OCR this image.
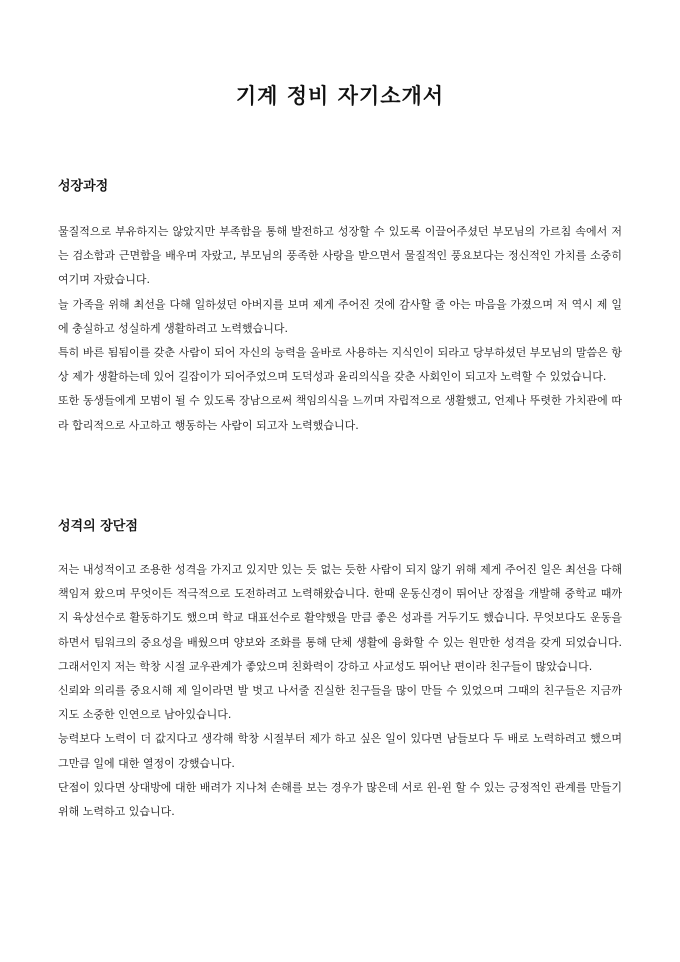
기계 정비 자기소개서
성장과정

물질적으로 부유하지는 않았지만 부족함을 통해 발전하고 성장할 수 있도록 이끌어주셨던 부모님의 가르침 속에서 저는 검소함과 근면함을 배우며 자랐고, 부모님의 풍족한 사랑을 받으면서 물질적인 풍요보다는 정신적인 가치를 소중히 여기며 자랐습니다.

늘 가족을 위해 최선을 다해 일하셨던 아버지를 보며 제게 주어진 것에 감사할 줄 아는 마음을 가졌으며 저 역시 제 일에 충실하고 성실하게 생활하려고 노력했습니다.

특히 바른 됨됨이를 갖춘 사람이 되어 자신의 능력을 올바로 사용하는 지식인이 되라고 당부하셨던 부모님의 말씀은 항상 제가 생활하는데 있어 길잡이가 되어주었으며 도덕성과 윤리의식을 갖춘 사회인이 되고자 노력할 수 있었습니다.

또한 동생들에게 모범이 될 수 있도록 장남으로써 책임의식을 느끼며 자립적으로 생활했고, 언제나 뚜렷한 가치관에 따라 합리적으로 사고하고 행동하는 사람이 되고자 노력했습니다.

성격의 장단점

저는 내성적이고 조용한 성격을 가지고 있지만 있는 듯 없는 듯한 사람이 되지 않기 위해 제게 주어진 일은 최선을 다해 책임져 왔으며 무엇이든 적극적으로 도전하려고 노력해왔습니다. 한때 운동신경이 뛰어난 장점을 개발해 중학교 때까지 육상선수로 활동하기도 했으며 학교 대표선수로 활약했을 만큼 좋은 성과를 거두기도 했습니다. 무엇보다도 운동을 하면서 팀워크의 중요성을 배웠으며 양보와 조화를 통해 단체 생활에 융화할 수 있는 원만한 성격을 갖게 되었습니다. 그래서인지 저는 학창 시절 교우관계가 좋았으며 친화력이 강하고 사교성도 뛰어난 편이라 친구들이 많았습니다.

신뢰와 의리를 중요시해 제 일이라면 발 벗고 나서줄 진실한 친구들을 많이 만들 수 있었으며 그때의 친구들은 지금까지도 소중한 인연으로 남아있습니다.

능력보다 노력이 더 값지다고 생각해 학창 시절부터 제가 하고 싶은 일이 있다면 남들보다 두 배로 노력하려고 했으며 그만큼 일에 대한 열정이 강했습니다.

단점이 있다면 상대방에 대한 배려가 지나쳐 손해를 보는 경우가 많은데 서로 윈-윈 할 수 있는 긍정적인 관계를 만들기 위해 노력하고 있습니다.
